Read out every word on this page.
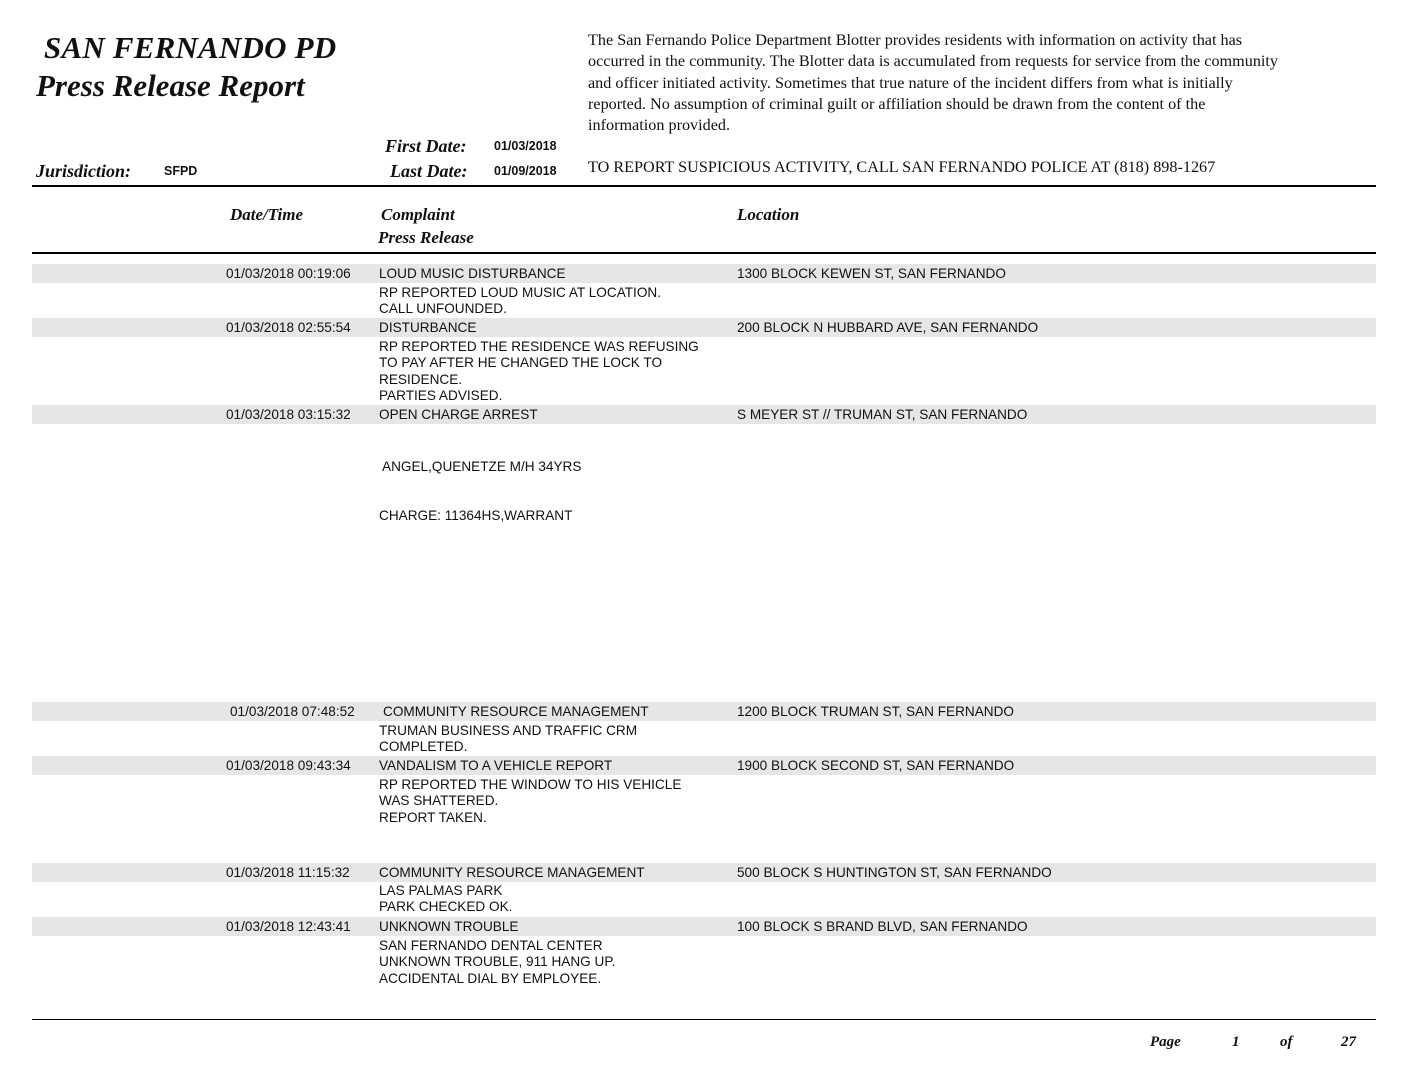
SAN FERNANDO PD
Press Release Report
The San Fernando Police Department Blotter provides residents with information on activity that has
occurred in the community. The Blotter data is accumulated from requests for service from the community
and officer initiated activity. Sometimes that true nature of the incident differs from what is initially
reported. No assumption of criminal guilt or affiliation should be drawn from the content of the
information provided.
First Date: 01/03/2018
Jurisdiction:	SFPD	Last Date: 01/09/2018 TO REPORT SUSPICIOUS ACTIVITY, CALL SAN FERNANDO POLICE AT (818) 898-1267
Date/Time	Complaint
Press Release
Location
01/03/2018 00:19:06 LOUD MUSIC DISTURBANCE	1300 BLOCK KEWEN ST, SAN FERNANDO
RP REPORTED LOUD MUSIC AT LOCATION.
CALL UNFOUNDED.
01/03/2018 02:55:54 DISTURBANCE	200 BLOCK N HUBBARD AVE, SAN FERNANDO
RP REPORTED THE RESIDENCE WAS REFUSING
TO PAY AFTER HE CHANGED THE LOCK TO
RESIDENCE.
PARTIES ADVISED.
01/03/2018 03:15:32 OPEN CHARGE ARREST	S MEYER ST // TRUMAN ST, SAN FERNANDO

ANGEL,QUENETZE M/H 34YRS

CHARGE: 11364HS,WARRANT

01/03/2018 07:48:52 COMMUNITY RESOURCE MANAGEMENT	1200 BLOCK TRUMAN ST, SAN FERNANDO
TRUMAN BUSINESS AND TRAFFIC CRM
COMPLETED.
01/03/2018 09:43:34 VANDALISM TO A VEHICLE REPORT	1900 BLOCK SECOND ST, SAN FERNANDO
RP REPORTED THE WINDOW TO HIS VEHICLE
WAS SHATTERED.
REPORT TAKEN.
01/03/2018 11:15:32 COMMUNITY RESOURCE MANAGEMENT	500 BLOCK S HUNTINGTON ST, SAN FERNANDO
LAS PALMAS PARK
PARK CHECKED OK.
01/03/2018 12:43:41 UNKNOWN TROUBLE	100 BLOCK S BRAND BLVD, SAN FERNANDO
SAN FERNANDO DENTAL CENTER
UNKNOWN TROUBLE, 911 HANG UP.
ACCIDENTAL DIAL BY EMPLOYEE.
Page	1	of	27
